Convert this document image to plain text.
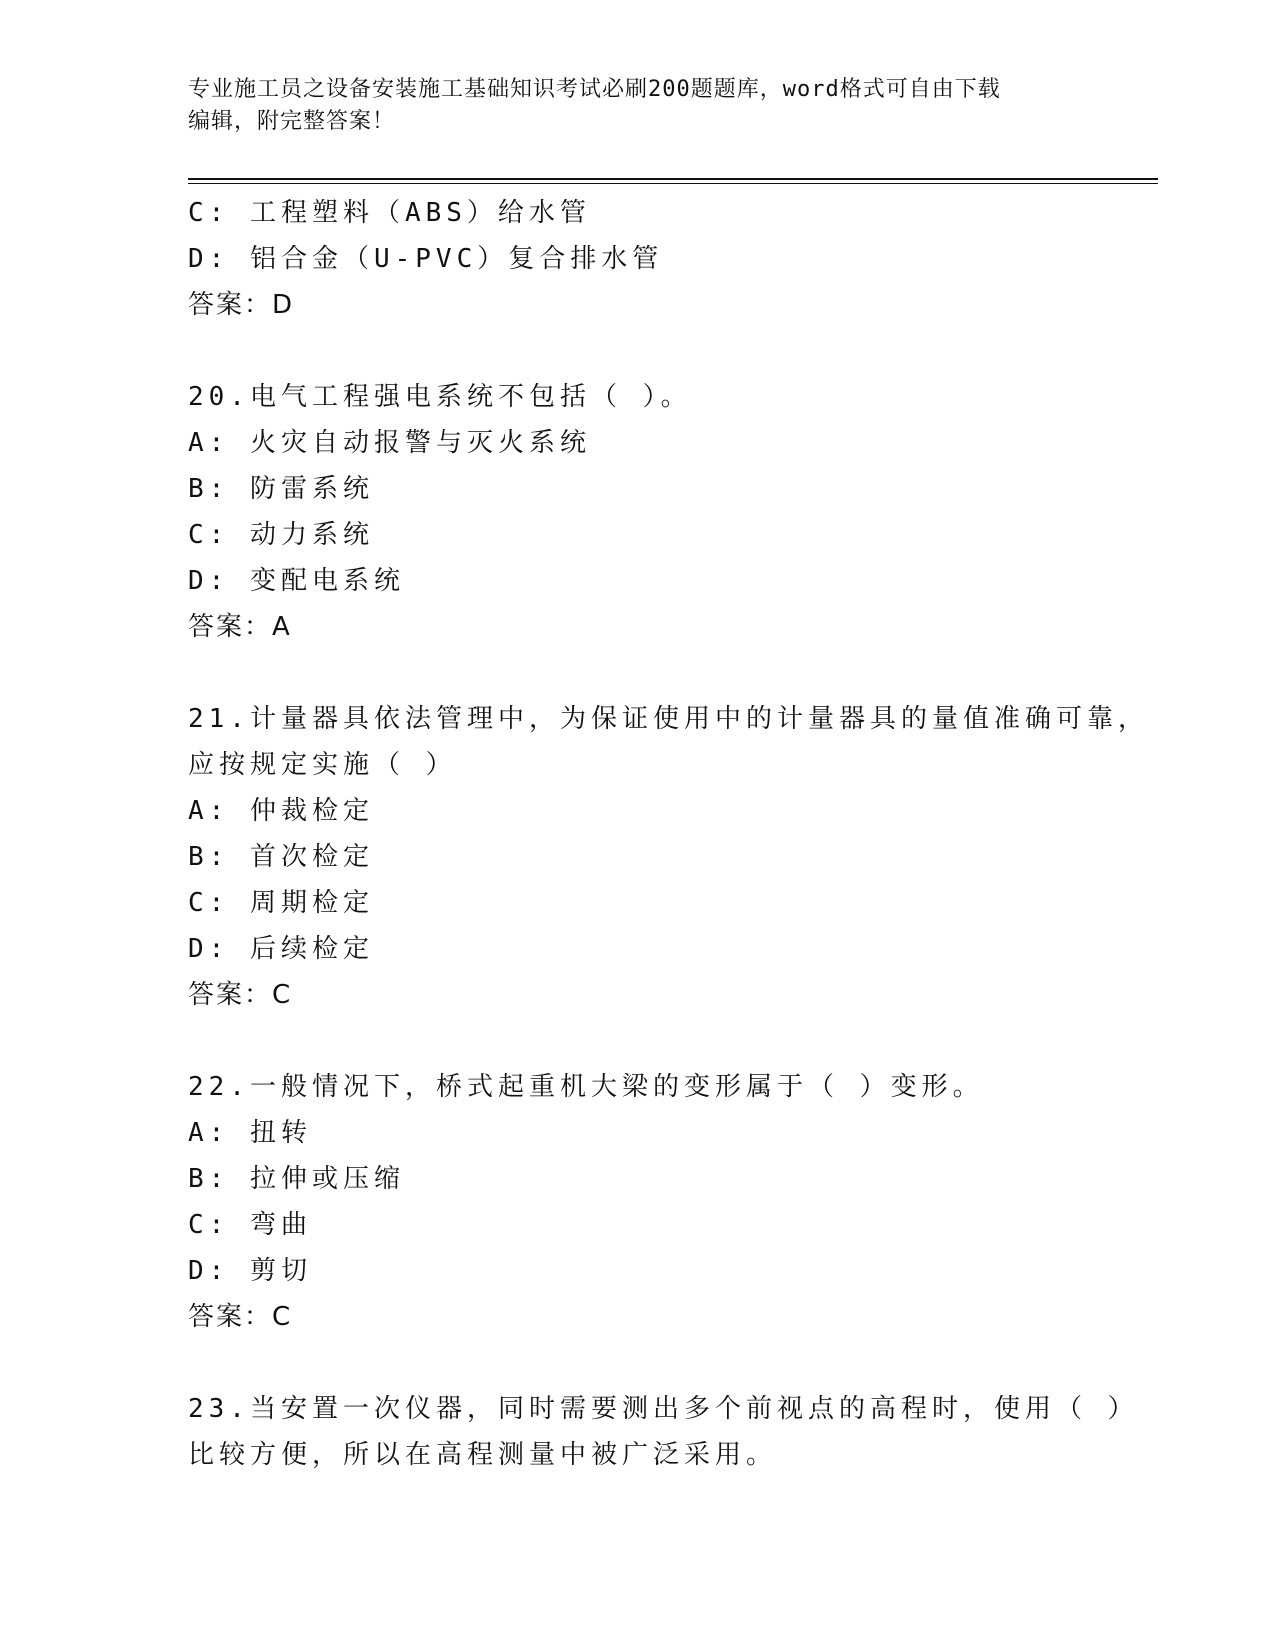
专业施工员之设备安装施工基础知识考试必刷200题题库，word格式可自由下载
编辑，附完整答案！
C: 工程塑料（ABS）给水管
D: 铝合金（U-PVC）复合排水管
答案：D
20.电气工程强电系统不包括（ ）。
A: 火灾自动报警与灭火系统
B: 防雷系统
C: 动力系统
D: 变配电系统
答案：A
21.计量器具依法管理中，为保证使用中的计量器具的量值准确可靠，
应按规定实施（ ）
A: 仲裁检定
B: 首次检定
C: 周期检定
D: 后续检定
答案：C
22.一般情况下，桥式起重机大梁的变形属于（ ）变形。
A: 扭转
B: 拉伸或压缩
C: 弯曲
D: 剪切
答案：C
23.当安置一次仪器，同时需要测出多个前视点的高程时，使用（ ）
比较方便，所以在高程测量中被广泛采用。
